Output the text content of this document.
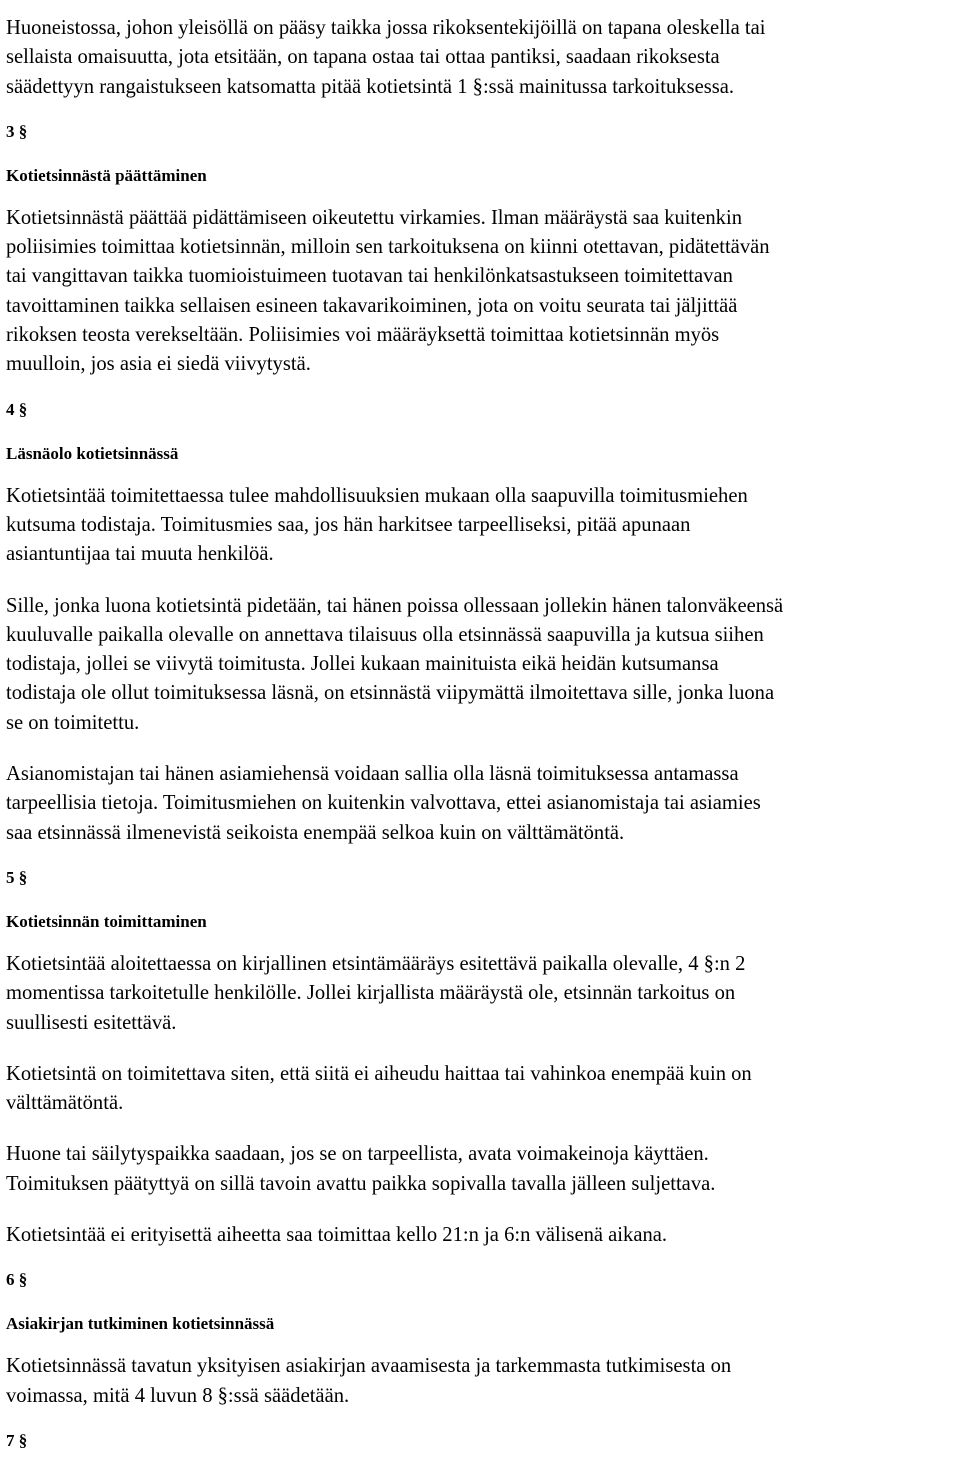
Huoneistossa, johon yleisöllä on pääsy taikka jossa rikoksentekijöillä on tapana oleskella tai
sellaista omaisuutta, jota etsitään, on tapana ostaa tai ottaa pantiksi, saadaan rikoksesta
säädettyyn rangaistukseen katsomatta pitää kotietsintä 1 §:ssä mainitussa tarkoituksessa.

3 §

Kotietsinnästä päättäminen

Kotietsinnästä päättää pidättämiseen oikeutettu virkamies. Ilman määräystä saa kuitenkin
poliisimies toimittaa kotietsinnän, milloin sen tarkoituksena on kiinni otettavan, pidätettävän
tai vangittavan taikka tuomioistuimeen tuotavan tai henkilönkatsastukseen toimitettavan
tavoittaminen taikka sellaisen esineen takavarikoiminen, jota on voitu seurata tai jäljittää
rikoksen teosta verekseltään. Poliisimies voi määräyksettä toimittaa kotietsinnän myös
muulloin, jos asia ei siedä viivytystä.

4 §

Läsnäolo kotietsinnässä

Kotietsintää toimitettaessa tulee mahdollisuuksien mukaan olla saapuvilla toimitusmiehen
kutsuma todistaja. Toimitusmies saa, jos hän harkitsee tarpeelliseksi, pitää apunaan
asiantuntijaa tai muuta henkilöä.

Sille, jonka luona kotietsintä pidetään, tai hänen poissa ollessaan jollekin hänen talonväkeensä
kuuluvalle paikalla olevalle on annettava tilaisuus olla etsinnässä saapuvilla ja kutsua siihen
todistaja, jollei se viivytä toimitusta. Jollei kukaan mainituista eikä heidän kutsumansa
todistaja ole ollut toimituksessa läsnä, on etsinnästä viipymättä ilmoitettava sille, jonka luona
se on toimitettu.

Asianomistajan tai hänen asiamiehensä voidaan sallia olla läsnä toimituksessa antamassa
tarpeellisia tietoja. Toimitusmiehen on kuitenkin valvottava, ettei asianomistaja tai asiamies
saa etsinnässä ilmenevistä seikoista enempää selkoa kuin on välttämätöntä.

5 §

Kotietsinnän toimittaminen

Kotietsintää aloitettaessa on kirjallinen etsintämääräys esitettävä paikalla olevalle, 4 §:n 2
momentissa tarkoitetulle henkilölle. Jollei kirjallista määräystä ole, etsinnän tarkoitus on
suullisesti esitettävä.

Kotietsintä on toimitettava siten, että siitä ei aiheudu haittaa tai vahinkoa enempää kuin on
välttämätöntä.

Huone tai säilytyspaikka saadaan, jos se on tarpeellista, avata voimakeinoja käyttäen.
Toimituksen päätyttyä on sillä tavoin avattu paikka sopivalla tavalla jälleen suljettava.

Kotietsintää ei erityisettä aiheetta saa toimittaa kello 21:n ja 6:n välisenä aikana.

6 §

Asiakirjan tutkiminen kotietsinnässä

Kotietsinnässä tavatun yksityisen asiakirjan avaamisesta ja tarkemmasta tutkimisesta on
voimassa, mitä 4 luvun 8 §:ssä säädetään.

7 §
